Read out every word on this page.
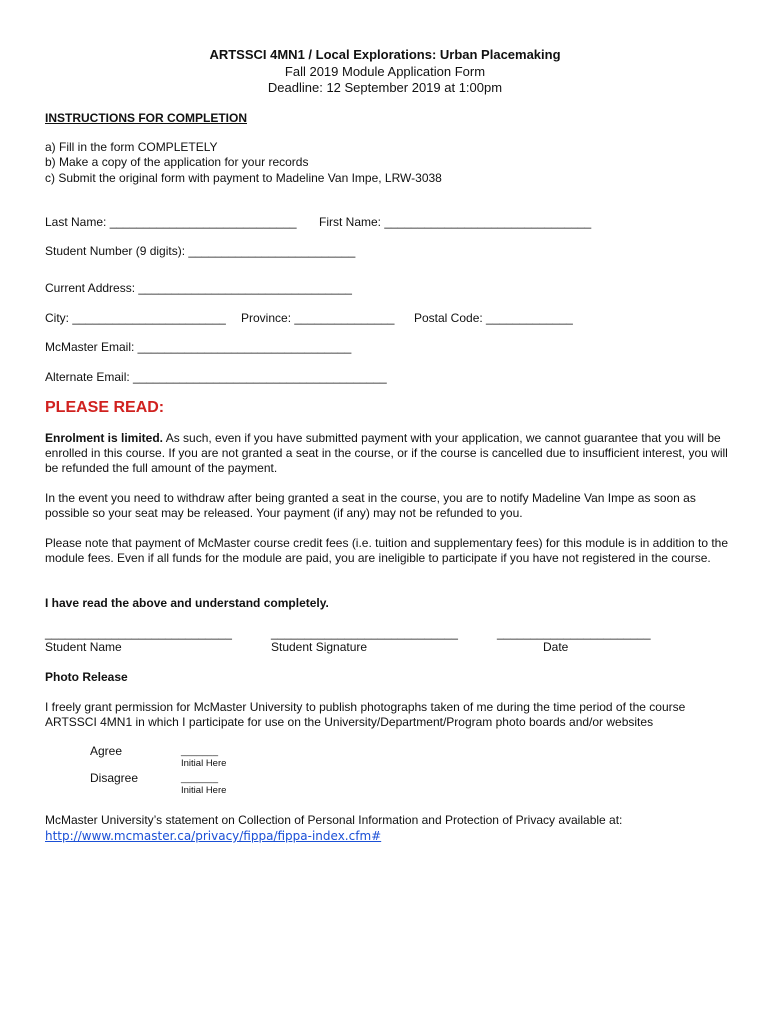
ARTSSCI 4MN1 / Local Explorations: Urban Placemaking
Fall 2019 Module Application Form
Deadline: 12 September 2019 at 1:00pm
INSTRUCTIONS FOR COMPLETION
a) Fill in the form COMPLETELY
b) Make a copy of the application for your records
c) Submit the original form with payment to Madeline Van Impe, LRW-3038
Last Name: ____________________________ First Name: _______________________________
Student Number (9 digits): _________________________
Current Address: ________________________________
City: _______________________ Province: _______________ Postal Code: _____________
McMaster Email: ________________________________
Alternate Email: ______________________________________
PLEASE READ:
Enrolment is limited. As such, even if you have submitted payment with your application, we cannot guarantee that you will be enrolled in this course. If you are not granted a seat in the course, or if the course is cancelled due to insufficient interest, you will be refunded the full amount of the payment.
In the event you need to withdraw after being granted a seat in the course, you are to notify Madeline Van Impe as soon as possible so your seat may be released. Your payment (if any) may not be refunded to you.
Please note that payment of McMaster course credit fees (i.e. tuition and supplementary fees) for this module is in addition to the module fees. Even if all funds for the module are paid, you are ineligible to participate if you have not registered in the course.
I have read the above and understand completely.
____________________________	____________________________	_______________________
Student Name	Student Signature	Date
Photo Release
I freely grant permission for McMaster University to publish photographs taken of me during the time period of the course ARTSSCI 4MN1 in which I participate for use on the University/Department/Program photo boards and/or websites
Agree	_______
Initial Here
Disagree	_______
Initial Here
McMaster University’s statement on Collection of Personal Information and Protection of Privacy available at:
http://www.mcmaster.ca/privacy/fippa/fippa-index.cfm#
